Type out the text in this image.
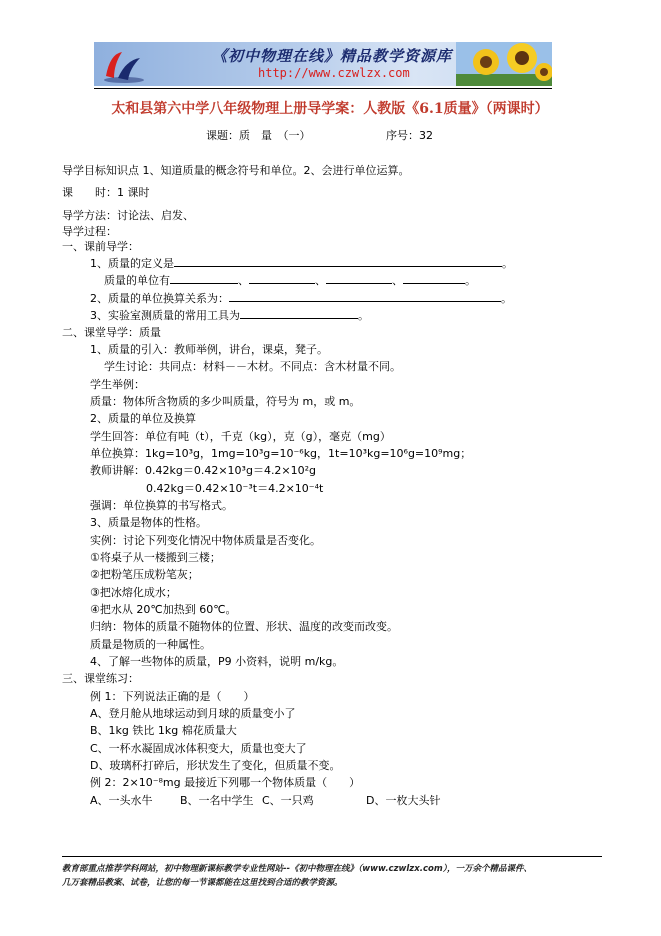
《初中物理在线》精品教学资源库
http://www.czwlzx.com
太和县第六中学八年级物理上册导学案：人教版《6.1质量》（两课时）
课题：质　量　（一）	序号：32
导学目标知识点 1、知道质量的概念符号和单位。2、会进行单位运算。
课　　时：1 课时
导学方法：讨论法、启发、
导学过程：
一、课前导学：
1、质量的定义是	。
质量的单位有	、	、	、	。
2、质量的单位换算关系为：	。
3、实验室测质量的常用工具为	。
二、课堂导学：质量
1、质量的引入：教师举例，讲台，课桌，凳子。
学生讨论：共同点：材料－－木材。不同点：含木材量不同。
学生举例：
质量：物体所含物质的多少叫质量，符号为 m，或 m。
2、质量的单位及换算
学生回答：单位有吨（t），千克（kg），克（g），毫克（mg）
单位换算：1kg=10³g，1mg=10³g=10⁻⁶kg，1t=10³kg=10⁶g=10⁹mg；
教师讲解：0.42kg＝0.42×10³g＝4.2×10²g
0.42kg＝0.42×10⁻³t＝4.2×10⁻⁴t
强调：单位换算的书写格式。
3、质量是物体的性格。
实例：讨论下列变化情况中物体质量是否变化。
①将桌子从一楼搬到三楼；
②把粉笔压成粉笔灰；
③把冰熔化成水；
④把水从 20℃加热到 60℃。
归纳：物体的质量不随物体的位置、形状、温度的改变而改变。
质量是物质的一种属性。
4、了解一些物体的质量，P9 小资料，说明 m/kg。
三、课堂练习：
例 1：下列说法正确的是（　　）
A、登月舱从地球运动到月球的质量变小了
B、1kg 铁比 1kg 棉花质量大
C、一杯水凝固成冰体积变大，质量也变大了
D、玻璃杯打碎后，形状发生了变化，但质量不变。
例 2：2×10⁻⁸mg 最接近下列哪一个物体质量（　　）
A、一头水牛 B、一名中学生 C、一只鸡	D、一枚大头针
教育部重点推荐学科网站，初中物理新课标教学专业性网站--《初中物理在线》（www.czwlzx.com），一万余个精品课件、
几万套精品教案、试卷，让您的每一节课都能在这里找到合适的教学资源。
